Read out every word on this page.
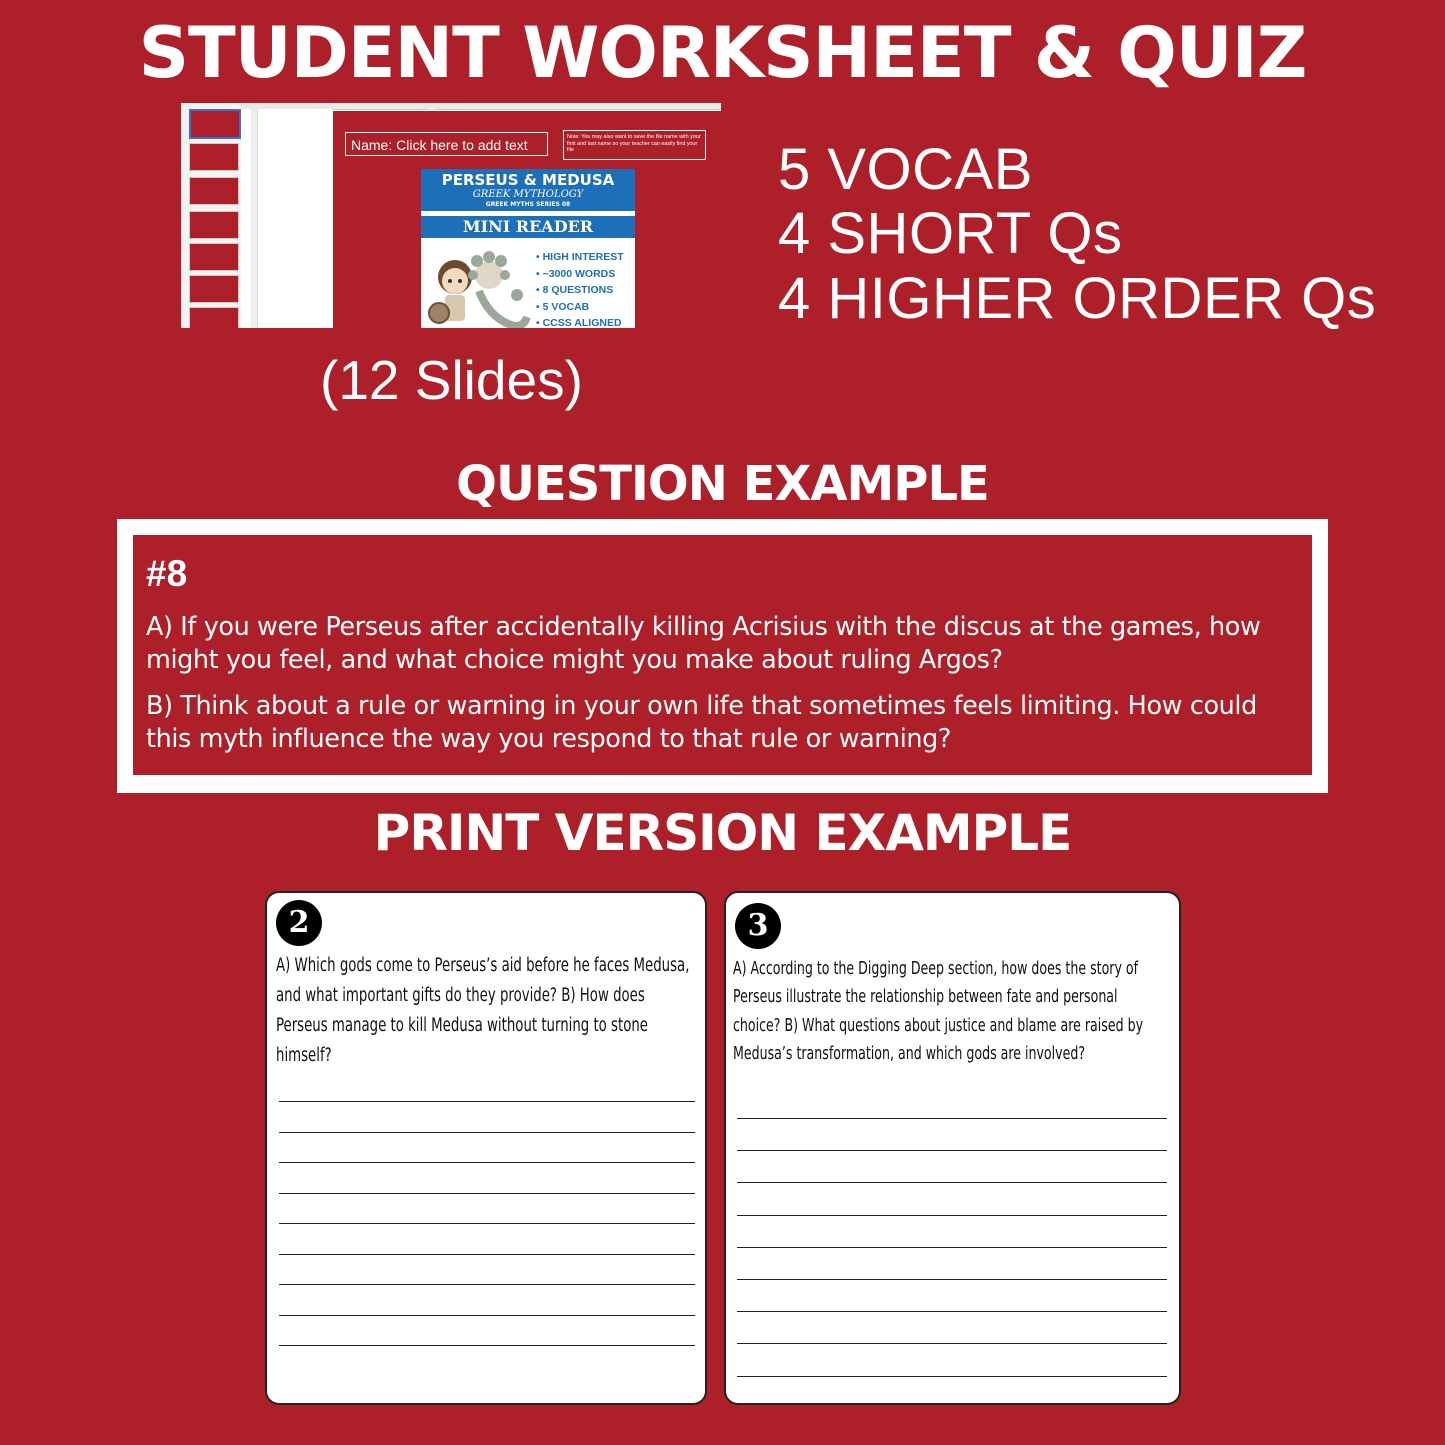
STUDENT WORKSHEET & QUIZ
Name: Click here to add text	Note: You may also want to save the file name with your first and last name so your teacher can easily find your file
PERSEUS & MEDUSA
GREEK MYTHOLOGY
GREEK MYTHS SERIES 08
MINI READER
• HIGH INTEREST
• ~3000 WORDS
• 8 QUESTIONS
• 5 VOCAB
• CCSS ALIGNED
(12 Slides)
5 VOCAB
4 SHORT Qs
4 HIGHER ORDER Qs
QUESTION EXAMPLE
#8
A) If you were Perseus after accidentally killing Acrisius with the discus at the games, how might you feel, and what choice might you make about ruling Argos?
B) Think about a rule or warning in your own life that sometimes feels limiting. How could this myth influence the way you respond to that rule or warning?
PRINT VERSION EXAMPLE
2
A) Which gods come to Perseus’s aid before he faces Medusa, and what important gifts do they provide? B) How does Perseus manage to kill Medusa without turning to stone himself?
3
A) According to the Digging Deep section, how does the story of Perseus illustrate the relationship between fate and personal choice? B) What questions about justice and blame are raised by Medusa’s transformation, and which gods are involved?
